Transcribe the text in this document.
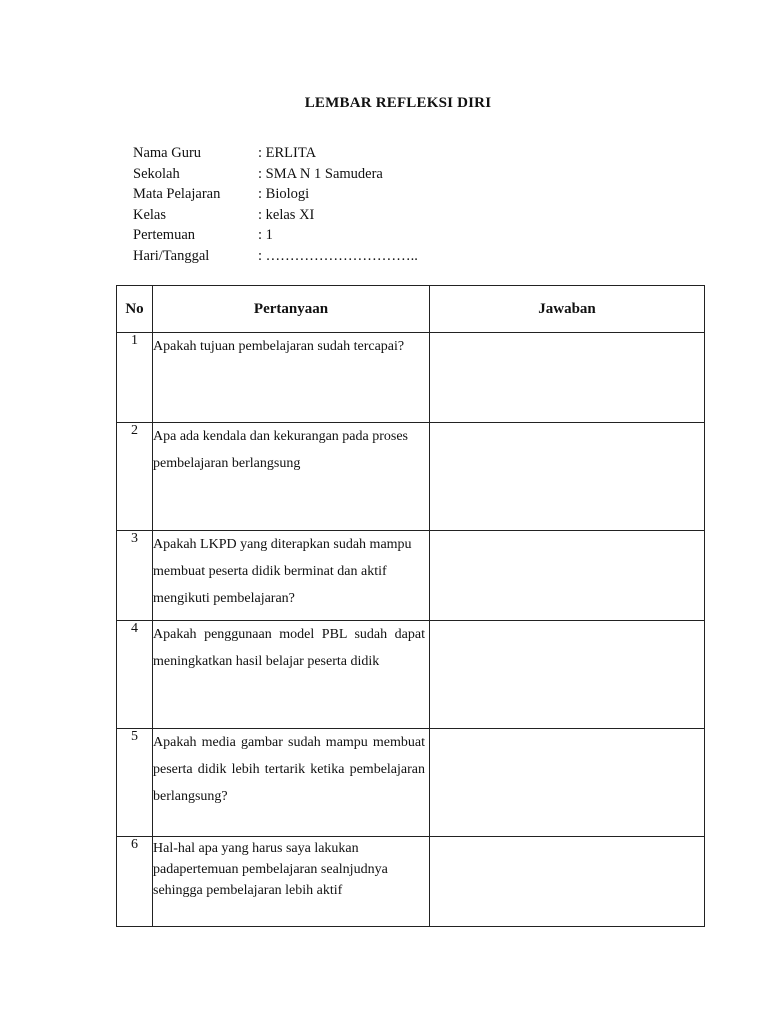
LEMBAR REFLEKSI DIRI
Nama Guru	: ERLITA
Sekolah	: SMA N 1 Samudera
Mata Pelajaran	: Biologi
Kelas	: kelas XI
Pertemuan	: 1
Hari/Tanggal	: …………………………..
No	Pertanyaan	Jawaban
1	Apakah tujuan pembelajaran sudah tercapai?	

2	Apa ada kendala dan kekurangan pada proses pembelajaran berlangsung	

3	Apakah LKPD yang diterapkan sudah mampu membuat peserta didik berminat dan aktif mengikuti pembelajaran?	

4	Apakah penggunaan model PBL sudah dapat meningkatkan hasil belajar peserta didik	

5	Apakah media gambar sudah mampu membuat peserta didik lebih tertarik ketika pembelajaran berlangsung?	

6	Hal-hal apa yang harus saya lakukan padapertemuan pembelajaran sealnjudnya sehingga pembelajaran lebih aktif	
